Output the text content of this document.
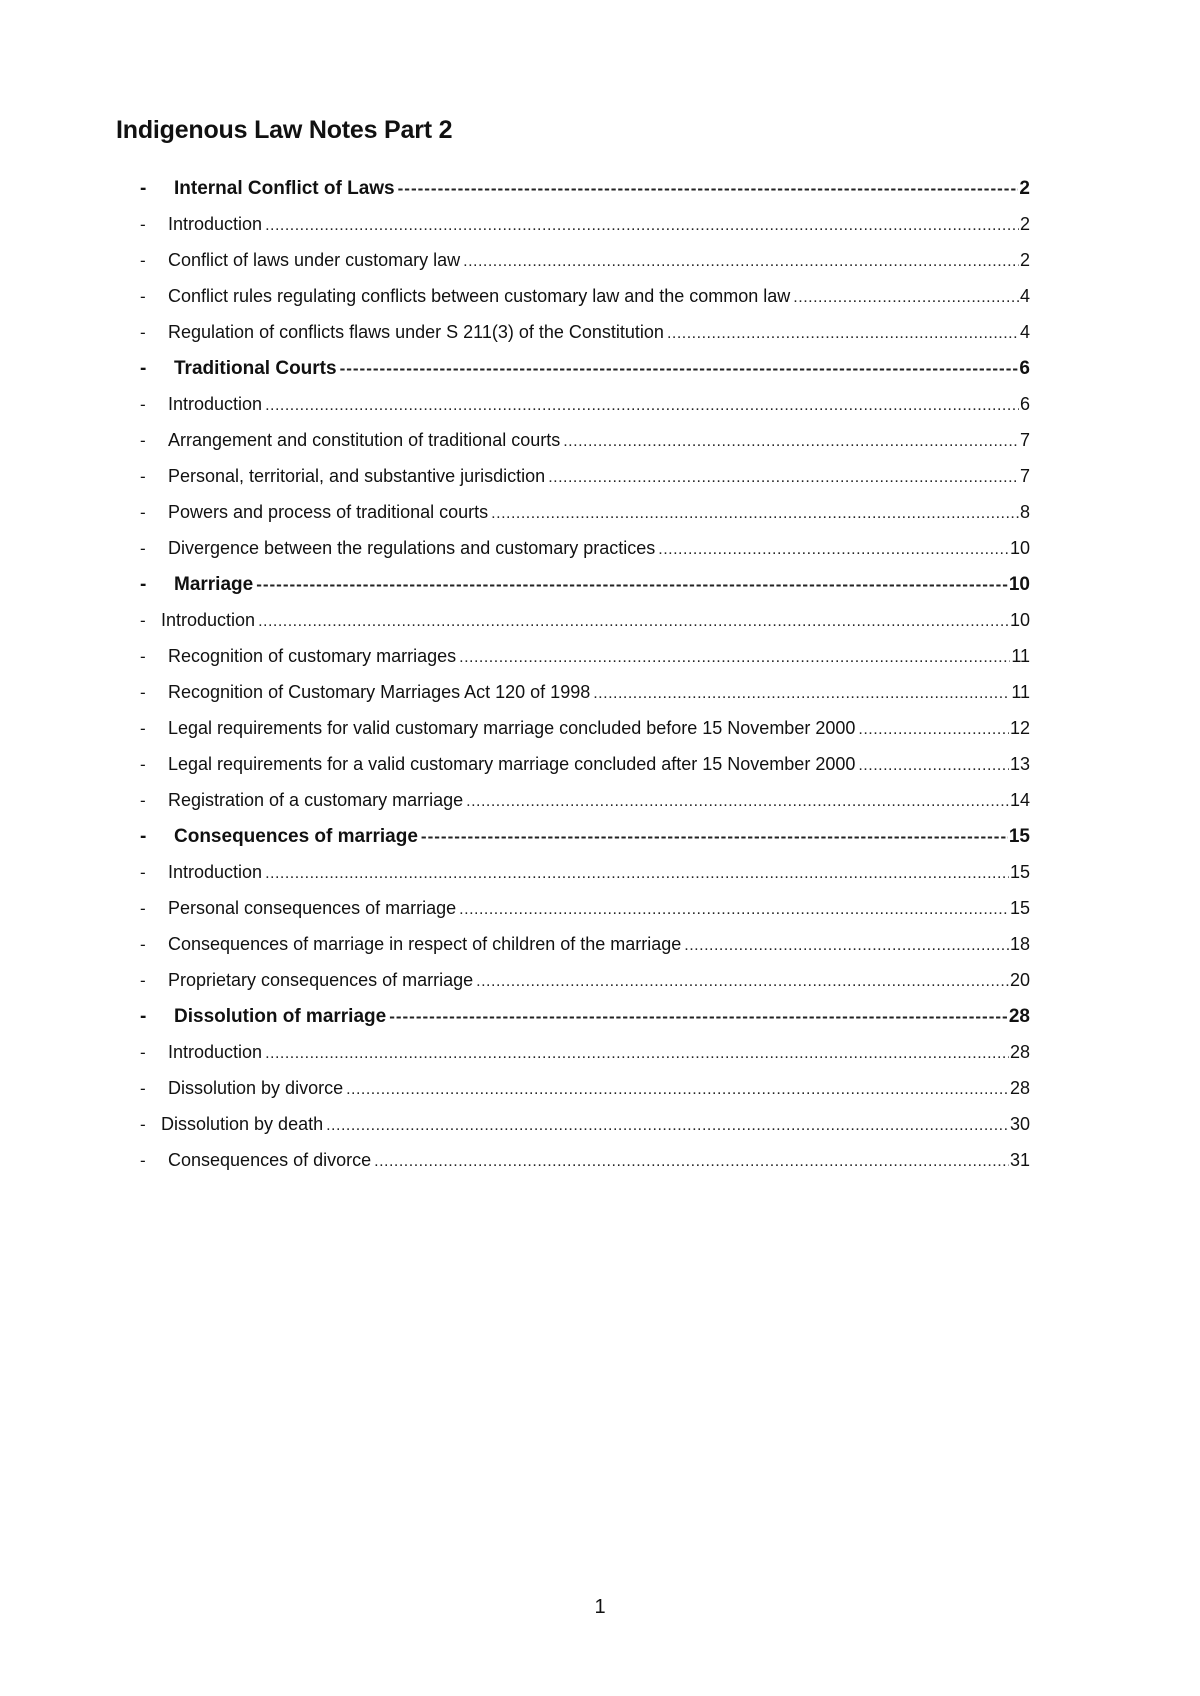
Indigenous Law Notes Part 2
-	Internal Conflict of Laws -----	2
-	Introduction .....	2
-	Conflict of laws under customary law .....	2
-	Conflict rules regulating conflicts between customary law and the common law .....	4
-	Regulation of conflicts flaws under S 211(3) of the Constitution .....	4
-	Traditional Courts -----	6
-	Introduction .....	6
-	Arrangement and constitution of traditional courts .....	7
-	Personal, territorial, and substantive jurisdiction .....	7
-	Powers and process of traditional courts .....	8
-	Divergence between the regulations and customary practices .....	10
-	Marriage -----	10
- Introduction .....	10
-	Recognition of customary marriages .....	11
-	Recognition of Customary Marriages Act 120 of 1998 .....	11
-	Legal requirements for valid customary marriage concluded before 15 November 2000 .....	12
-	Legal requirements for a valid customary marriage concluded after 15 November 2000 .....	13
-	Registration of a customary marriage .....	14
-	Consequences of marriage -----	15
-	Introduction .....	15
-	Personal consequences of marriage .....	15
-	Consequences of marriage in respect of children of the marriage .....	18
-	Proprietary consequences of marriage .....	20
-	Dissolution of marriage -----	28
-	Introduction .....	28
-	Dissolution by divorce .....	28
- Dissolution by death .....	30
-	Consequences of divorce .....	31
1
